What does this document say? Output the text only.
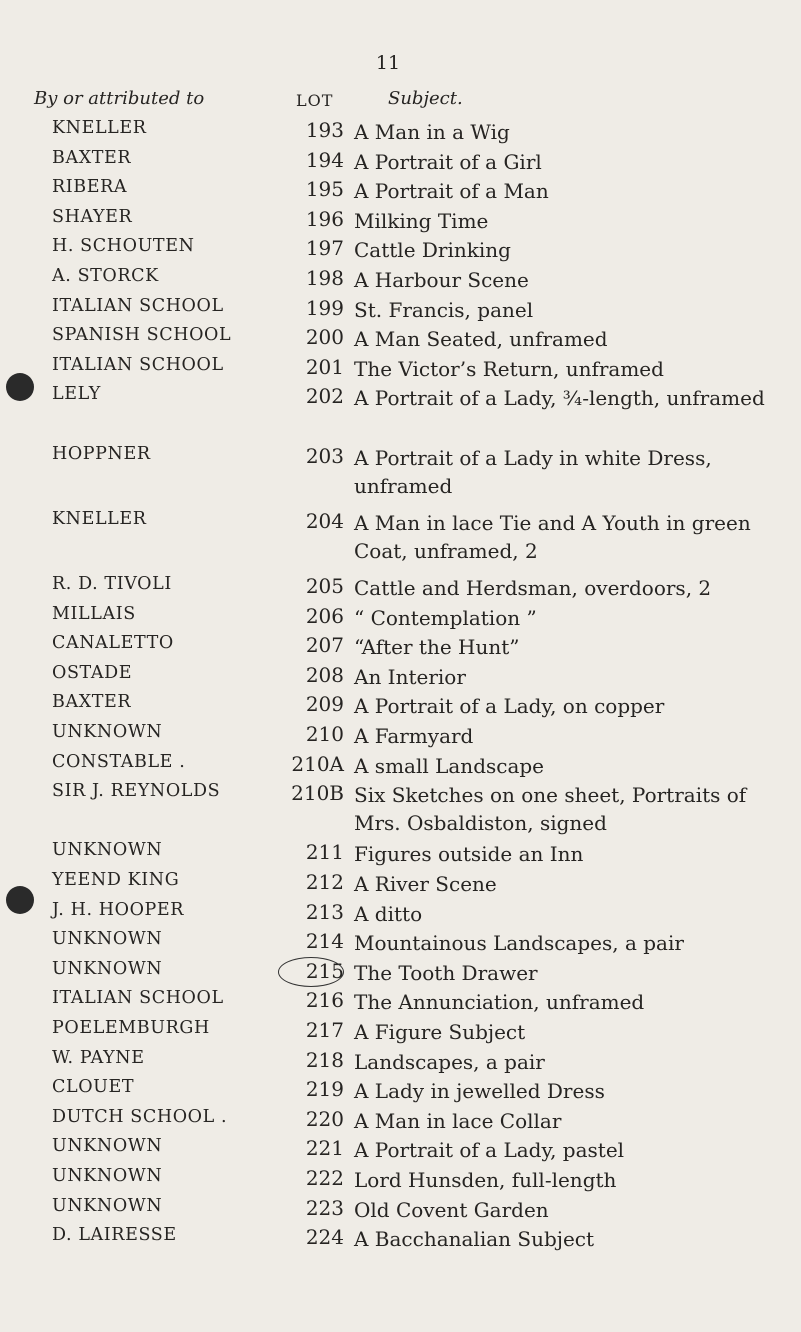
11
By or attributed to	LOT	Subject.
KNELLER	193 A Man in a Wig
BAXTER	194 A Portrait of a Girl
RIBERA	195 A Portrait of a Man
SHAYER	196 Milking Time
H. SCHOUTEN	197 Cattle Drinking
A. STORCK	198 A Harbour Scene
ITALIAN SCHOOL	199 St. Francis, panel
SPANISH SCHOOL	200 A Man Seated, unframed
ITALIAN SCHOOL	201 The Victor’s Return, unframed
LELY	202 A Portrait of a Lady, ¾-length, unframed
HOPPNER	203 A Portrait of a Lady in white Dress, unframed
KNELLER	204 A Man in lace Tie and A Youth in green Coat, unframed, 2
R. D. TIVOLI	205 Cattle and Herdsman, overdoors, 2
MILLAIS	206 “ Contemplation ”
CANALETTO	207 “After the Hunt”
OSTADE	208 An Interior
BAXTER	209 A Portrait of a Lady, on copper
UNKNOWN	210 A Farmyard
CONSTABLE .	210A A small Landscape
SIR J. REYNOLDS	210B Six Sketches on one sheet, Portraits of Mrs. Osbaldiston, signed
UNKNOWN	211 Figures outside an Inn
YEEND KING	212 A River Scene
J. H. HOOPER	213 A ditto
UNKNOWN	214 Mountainous Landscapes, a pair
UNKNOWN	215 The Tooth Drawer
ITALIAN SCHOOL	216 The Annunciation, unframed
POELEMBURGH	217 A Figure Subject
W. PAYNE	218 Landscapes, a pair
CLOUET	219 A Lady in jewelled Dress
DUTCH SCHOOL .	220 A Man in lace Collar
UNKNOWN	221 A Portrait of a Lady, pastel
UNKNOWN	222 Lord Hunsden, full-length
UNKNOWN	223 Old Covent Garden
D. LAIRESSE	224 A Bacchanalian Subject
